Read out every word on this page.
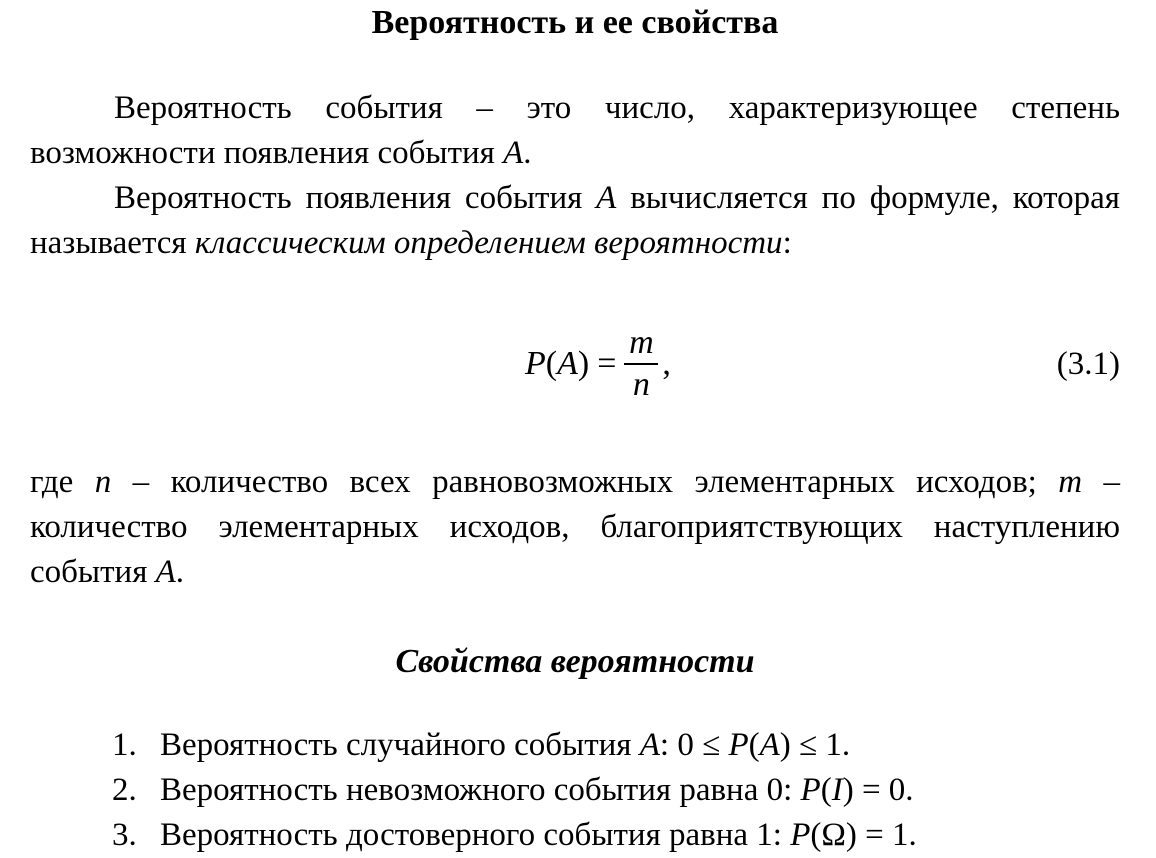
Вероятность и ее свойства

Вероятность события – это число, характеризующее степень возможности появления события A.

Вероятность появления события A вычисляется по формуле, которая называется классическим определением вероятности:

$P(A) = \frac{m}{n}$ ,	(3.1)

где n – количество всех равновозможных элементарных исходов; m – количество элементарных исходов, благоприятствующих наступлению события A.

Свойства вероятности
1. Вероятность случайного события A: 0 ≤ P(A) ≤ 1.
2. Вероятность невозможного события равна 0: P(I) = 0.
3. Вероятность достоверного события равна 1: P(Ω) = 1.
